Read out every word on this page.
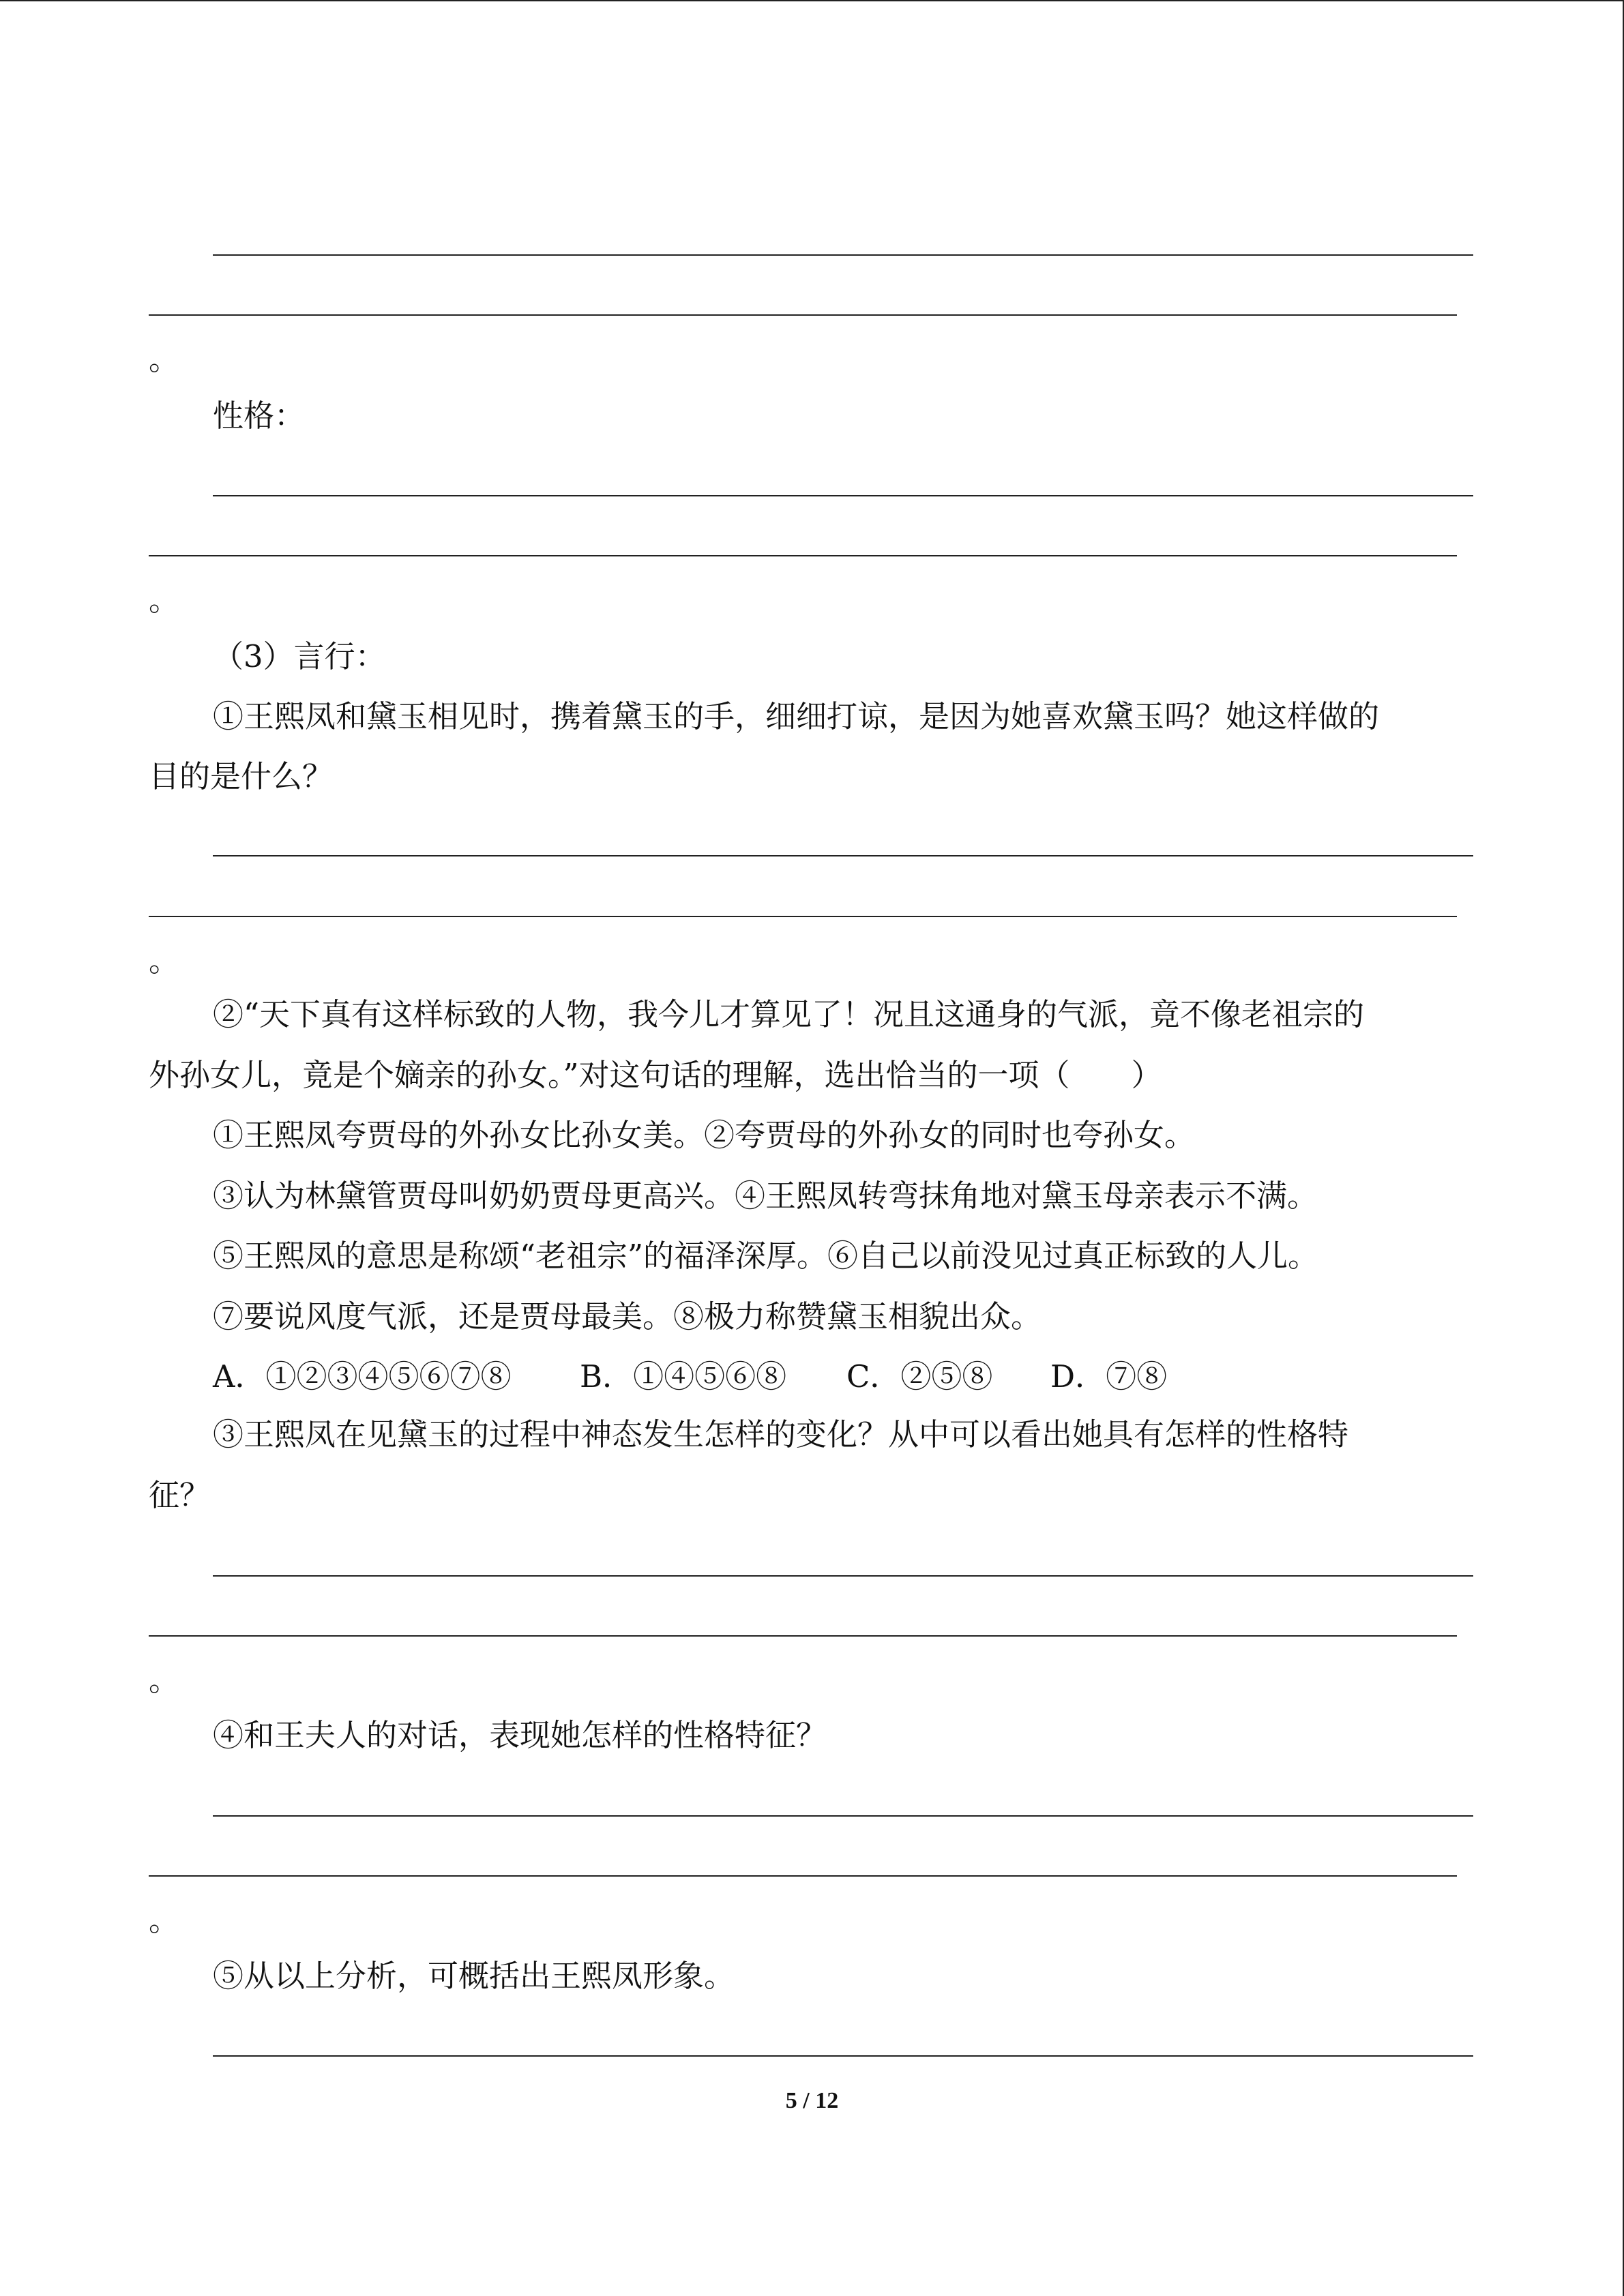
。

性格：

。

（3）言行：

①王熙凤和黛玉相见时，携着黛玉的手，细细打谅，是因为她喜欢黛玉吗？她这样做的

目的是什么？

。

②“天下真有这样标致的人物，我今儿才算见了！况且这通身的气派，竟不像老祖宗的

外孙女儿，竟是个嫡亲的孙女。”对这句话的理解，选出恰当的一项（　　）

①王熙凤夸贾母的外孙女比孙女美。②夸贾母的外孙女的同时也夸孙女。

③认为林黛管贾母叫奶奶贾母更高兴。④王熙凤转弯抹角地对黛玉母亲表示不满。

⑤王熙凤的意思是称颂“老祖宗”的福泽深厚。⑥自己以前没见过真正标致的人儿。

⑦要说风度气派，还是贾母最美。⑧极力称赞黛玉相貌出众。

A．①②③④⑤⑥⑦⑧ B．①④⑤⑥⑧ C．②⑤⑧ D．⑦⑧

③王熙凤在见黛玉的过程中神态发生怎样的变化？从中可以看出她具有怎样的性格特

征？

。

④和王夫人的对话，表现她怎样的性格特征？

。

⑤从以上分析，可概括出王熙凤形象。

5 / 12
